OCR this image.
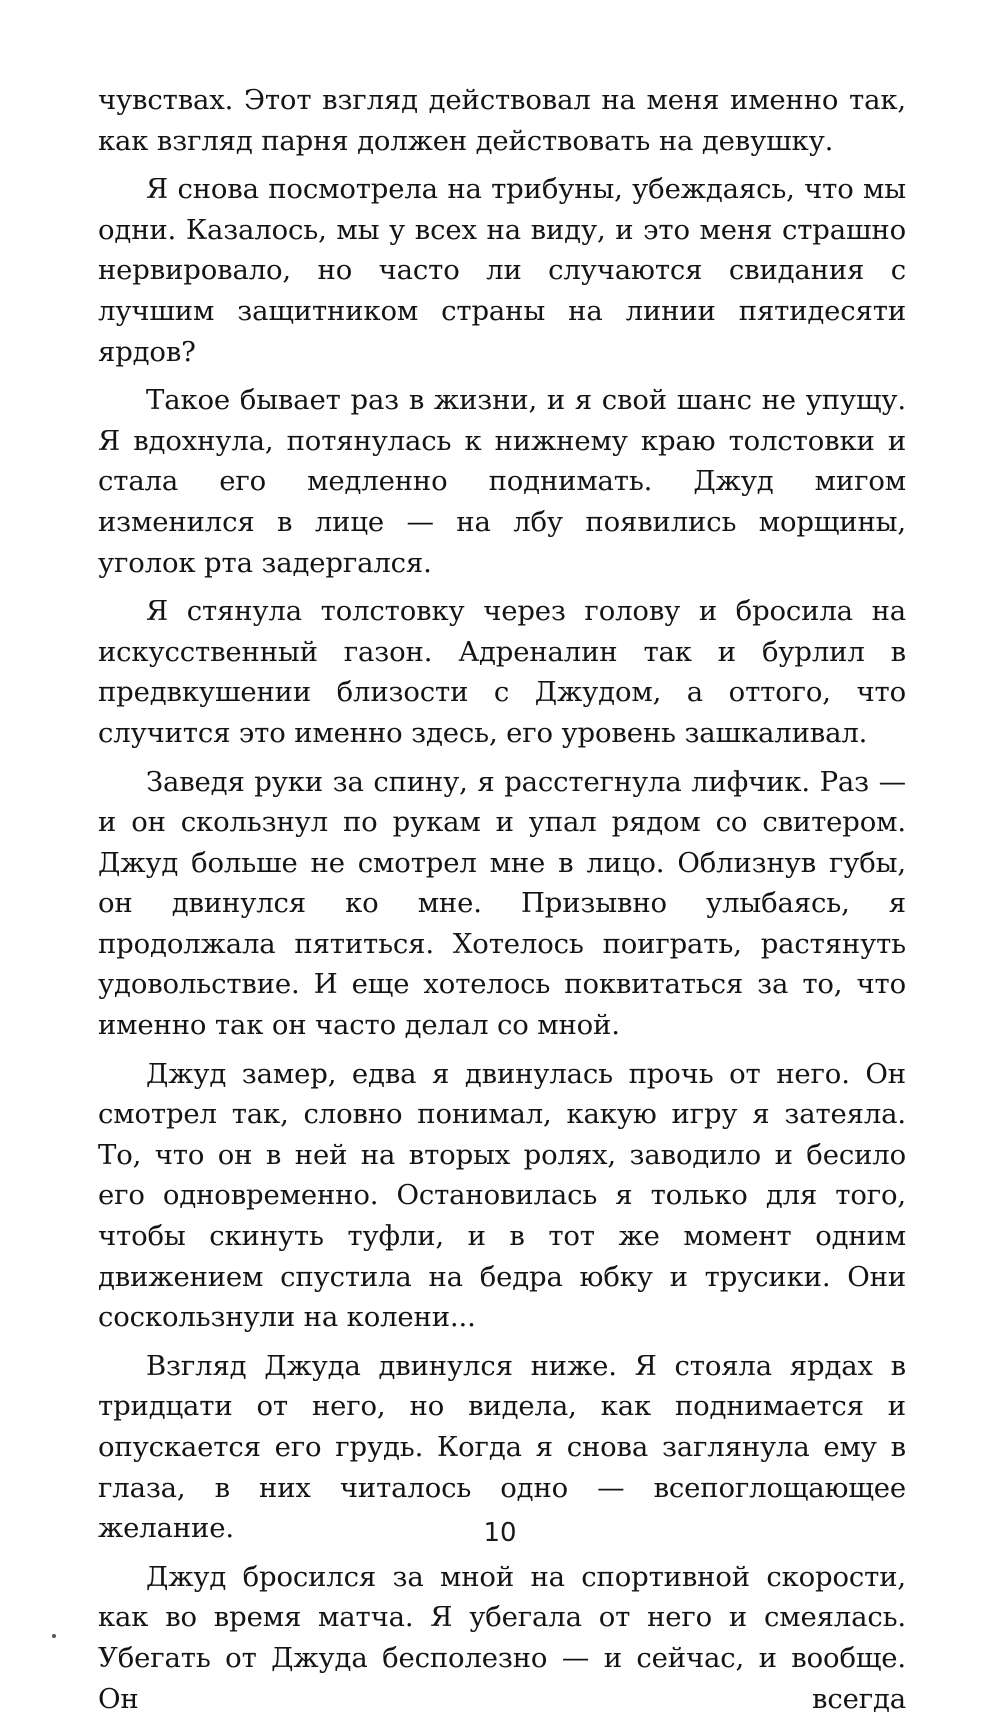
чувствах. Этот взгляд действовал на меня именно так, как взгляд парня должен действовать на девушку.

Я снова посмотрела на трибуны, убеждаясь, что мы одни. Казалось, мы у всех на виду, и это меня страшно нервировало, но часто ли случаются свидания с лучшим защитником страны на линии пятидесяти ярдов?

Такое бывает раз в жизни, и я свой шанс не упущу. Я вдохнула, потянулась к нижнему краю толстовки и стала его медленно поднимать. Джуд мигом изменился в лице — на лбу появились морщины, уголок рта задергался.

Я стянула толстовку через голову и бросила на искусственный газон. Адреналин так и бурлил в предвкушении близости с Джудом, а оттого, что случится это именно здесь, его уровень зашкаливал.

Заведя руки за спину, я расстегнула лифчик. Раз — и он скользнул по рукам и упал рядом со свитером. Джуд больше не смотрел мне в лицо. Облизнув губы, он двинулся ко мне. Призывно улыбаясь, я продолжала пятиться. Хотелось поиграть, растянуть удовольствие. И еще хотелось поквитаться за то, что именно так он часто делал со мной.

Джуд замер, едва я двинулась прочь от него. Он смотрел так, словно понимал, какую игру я затеяла. То, что он в ней на вторых ролях, заводило и бесило его одновременно. Остановилась я только для того, чтобы скинуть туфли, и в тот же момент одним движением спустила на бедра юбку и трусики. Они соскользнули на колени...

Взгляд Джуда двинулся ниже. Я стояла ярдах в тридцати от него, но видела, как поднимается и опускается его грудь. Когда я снова заглянула ему в глаза, в них читалось одно — всепоглощающее желание.

Джуд бросился за мной на спортивной скорости, как во время матча. Я убегала от него и смеялась. Убегать от Джуда бесполезно — и сейчас, и вообще. Он всегда

10
